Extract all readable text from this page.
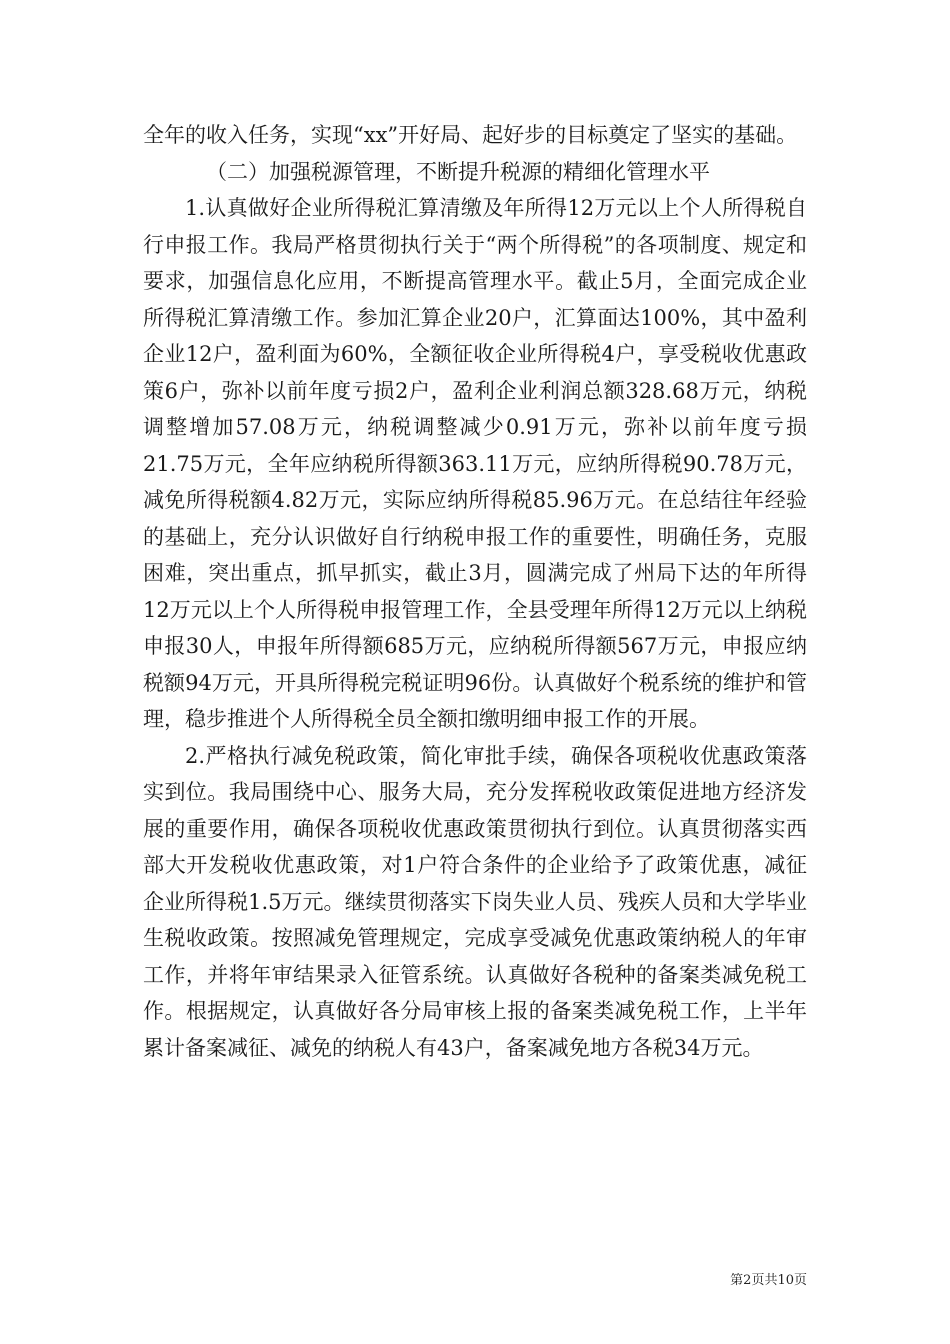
全年的收入任务，实现“xx”开好局、起好步的目标奠定了坚实的基础。

（二）加强税源管理，不断提升税源的精细化管理水平

1.认真做好企业所得税汇算清缴及年所得12万元以上个人所得税自行申报工作。我局严格贯彻执行关于“两个所得税”的各项制度、规定和要求，加强信息化应用，不断提高管理水平。截止5月，全面完成企业所得税汇算清缴工作。参加汇算企业20户，汇算面达100%，其中盈利企业12户，盈利面为60%，全额征收企业所得税4户，享受税收优惠政策6户，弥补以前年度亏损2户，盈利企业利润总额328.68万元，纳税调整增加57.08万元，纳税调整减少0.91万元，弥补以前年度亏损21.75万元，全年应纳税所得额363.11万元，应纳所得税90.78万元，减免所得税额4.82万元，实际应纳所得税85.96万元。在总结往年经验的基础上，充分认识做好自行纳税申报工作的重要性，明确任务，克服困难，突出重点，抓早抓实，截止3月，圆满完成了州局下达的年所得12万元以上个人所得税申报管理工作，全县受理年所得12万元以上纳税申报30人，申报年所得额685万元，应纳税所得额567万元，申报应纳税额94万元，开具所得税完税证明96份。认真做好个税系统的维护和管理，稳步推进个人所得税全员全额扣缴明细申报工作的开展。

2.严格执行减免税政策，简化审批手续，确保各项税收优惠政策落实到位。我局围绕中心、服务大局，充分发挥税收政策促进地方经济发展的重要作用，确保各项税收优惠政策贯彻执行到位。认真贯彻落实西部大开发税收优惠政策，对1户符合条件的企业给予了政策优惠，减征企业所得税1.5万元。继续贯彻落实下岗失业人员、残疾人员和大学毕业生税收政策。按照减免管理规定，完成享受减免优惠政策纳税人的年审工作，并将年审结果录入征管系统。认真做好各税种的备案类减免税工作。根据规定，认真做好各分局审核上报的备案类减免税工作，上半年累计备案减征、减免的纳税人有43户，备案减免地方各税34万元。

第2页共10页
